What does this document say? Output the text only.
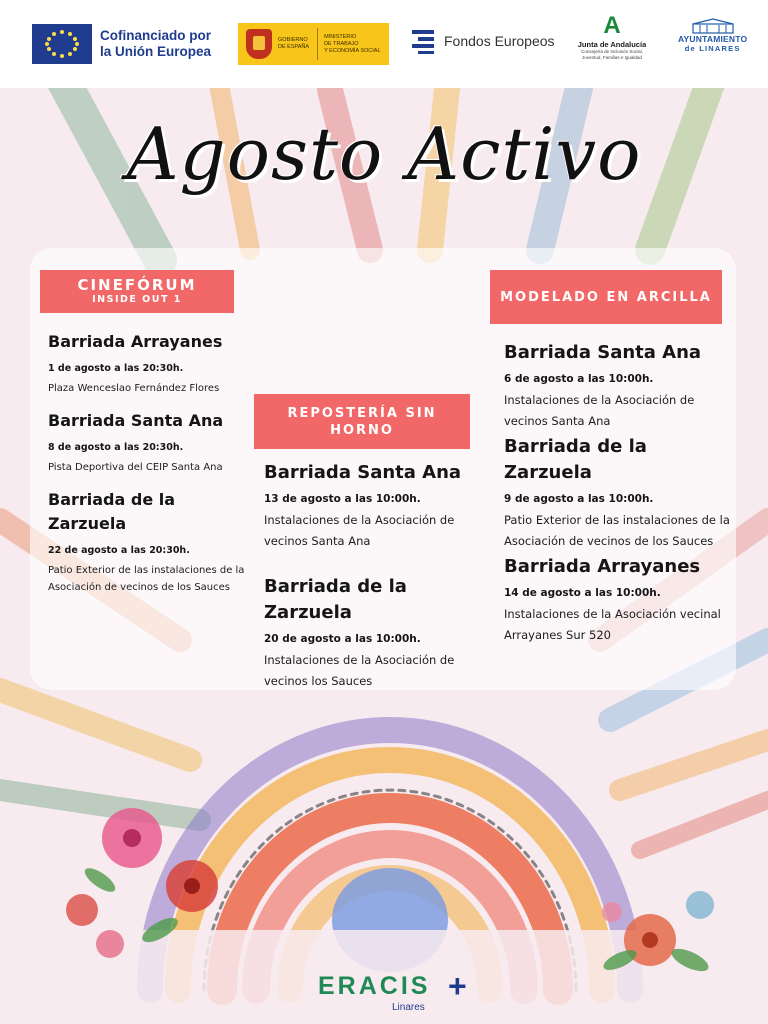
Cofinanciado por
la Unión Europea
GOBIERNO
DE ESPAÑA
MINISTERIO
DE TRABAJO
Y ECONOMÍA SOCIAL
Fondos Europeos
A
Junta de Andalucía
Consejería de Inclusión Social,
Juventud, Familias e Igualdad
AYUNTAMIENTO
de LINARES
Agosto Activo
CINEFÓRUM
INSIDE OUT 1

Barriada Arrayanes

1 de agosto a las 20:30h.

Plaza Wenceslao Fernández Flores

Barriada Santa Ana

8 de agosto a las 20:30h.

Pista Deportiva del CEIP Santa Ana

Barriada de la Zarzuela

22 de agosto a las 20:30h.

Patio Exterior de las instalaciones de la Asociación de vecinos de los Sauces

REPOSTERÍA SIN
HORNO

Barriada Santa Ana

13 de agosto a las 10:00h.

Instalaciones de la Asociación de vecinos Santa Ana

Barriada de la Zarzuela

20 de agosto a las 10:00h.

Instalaciones de la Asociación de vecinos los Sauces

MODELADO EN ARCILLA

Barriada Santa Ana

6 de agosto a las 10:00h.

Instalaciones de la Asociación de vecinos Santa Ana

Barriada de la Zarzuela

9 de agosto a las 10:00h.

Patio Exterior de las instalaciones de la Asociación de vecinos de los Sauces

Barriada Arrayanes

14 de agosto a las 10:00h.

Instalaciones de la Asociación vecinal Arrayanes Sur 520

ERACIS +
Linares
